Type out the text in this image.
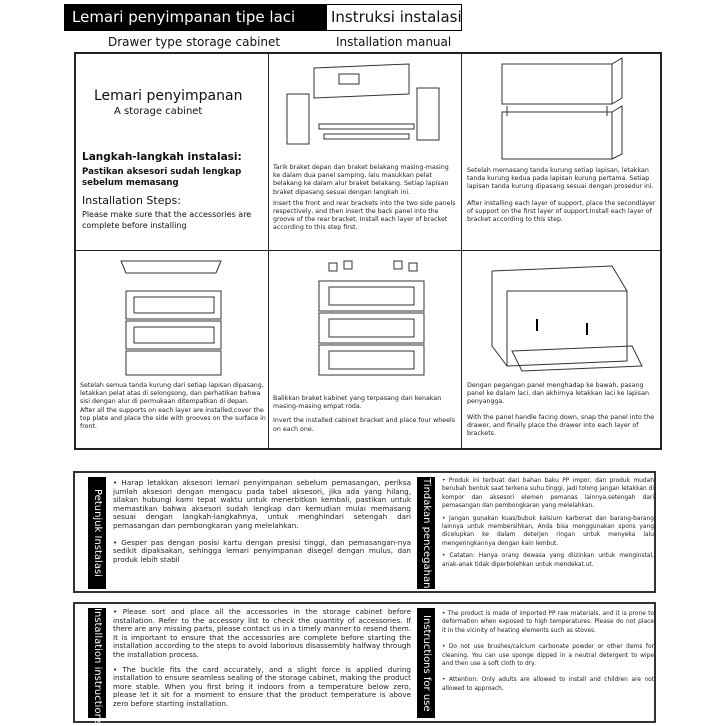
Lemari penyimpanan tipe laci	Instruksi instalasi
Drawer type storage cabinet	Installation manual
Lemari penyimpanan
A storage cabinet
Langkah-langkah instalasi:
Pastikan aksesori sudah lengkap sebelum memasang
Installation Steps:
Please make sure that the accessories are complete before installing

Tarik braket depan dan braket belakang masing-masing ke dalam dua panel samping, lalu masukkan pelat belakang ke dalam alur braket belakang. Setiap lapisan braket dipasang sesuai dengan langkah ini.

Insert the front and rear brackets into the two side panels respectively, and then insert the back panel into the groove of the rear bracket. Install each layer of bracket according to this step first.

Setelah memasang tanda kurung setiap lapisan, letakkan tanda kurung kedua pada lapisan kurung pertama. Setiap lapisan tanda kurung dipasang sesuai dengan prosedur ini.

After installing each layer of support, place the secondlayer of support on the first layer of support.Install each layer of bracket according to this step.

Setelah semua tanda kurung dari setiap lapisan dipasang, letakkan pelat atas di selongsong, dan perhatikan bahwa sisi dengan alur di permukaan ditempatkan di depan.

After all the supports on each layer are installed,cover the top plate and place the side with grooves on the surface in front.

Balikkan braket kabinet yang terpasang dan kenakan masing-masing empat roda.

Invert the installed cabinet bracket and place four wheels on each one.

Dengan pegangan panel menghadap ke bawah, pasang panel ke dalam laci, dan akhirnya letakkan laci ke lapisan penyangga.

With the panel handle facing down, snap the panel into the drawer, and finally place the drawer into each layer of brackets.

Petunjuk Instalasi

• Harap letakkan aksesori lemari penyimpanan sebelum pemasangan, periksa jumlah aksesori dengan mengacu pada tabel aksesori, jika ada yang hilang, silakan hubungi kami tepat waktu untuk menerbitkan kembali, pastikan untuk memastikan bahwa aksesori sudah lengkap dan kemudian mulai memasang sesuai dengan langkah-langkahnya, untuk menghindari setengah dari pemasangan dan pembongkaran yang melelahkan.

• Gesper pas dengan posisi kartu dengan presisi tinggi, dan pemasangan-nya sedikit dipaksakan, sehingga lemari penyimpanan disegel dengan mulus, dan produk lebih stabil	Tindakan pencegahan	• Produk ini terbuat dari bahan baku PP impor, dan produk mudah berubah bentuk saat terkena suhu tinggi, jadi tolong jangan letakkan di kompor dan aksesori elemen pemanas lainnya.setengah dari pemasangan dan pembongkaran yang melelahkan.

• Jangan gunakan kuas/bubuk kalsium karbonat dan barang-barang lainnya untuk membersihkan, Anda bisa menggunakan spons yang dicelupkan ke dalam deterjen ringan untuk menyeka lalu mengeringkannya dengan kain lembut.

• Catatan: Hanya orang dewasa yang diizinkan untuk menginstal, anak-anak tidak diperbolehkan untuk mendekat.ut.

Installation instructions	• Please sort and place all the accessories in the storage cabinet before installation. Refer to the accessory list to check the quantity of accessories. If there are any missing parts, please contact us in a timely manner to resend them. It is important to ensure that the accessories are complete before starting the installation according to the steps to avoid laborious disassembly halfway through the installation process.

• The buckle fits the card accurately, and a slight force is applied during installation to ensure seamless sealing of the storage cabinet, making the product more stable. When you first bring it indoors from a temperature below zero, please let it sit for a moment to ensure that the product temperature is above zero before starting installation.	Instructions for use

• The product is made of imported PP raw materials, and it is prone to deformation when exposed to high temperatures. Please do not place it in the vicinity of heating elements such as stoves.

• Do not use brushes/calcium carbonate powder or other items for cleaning. You can use sponge dipped in a neutral detergent to wipe and then use a soft cloth to dry.

• Attention: Only adults are allowed to install and children are not allowed to approach.
